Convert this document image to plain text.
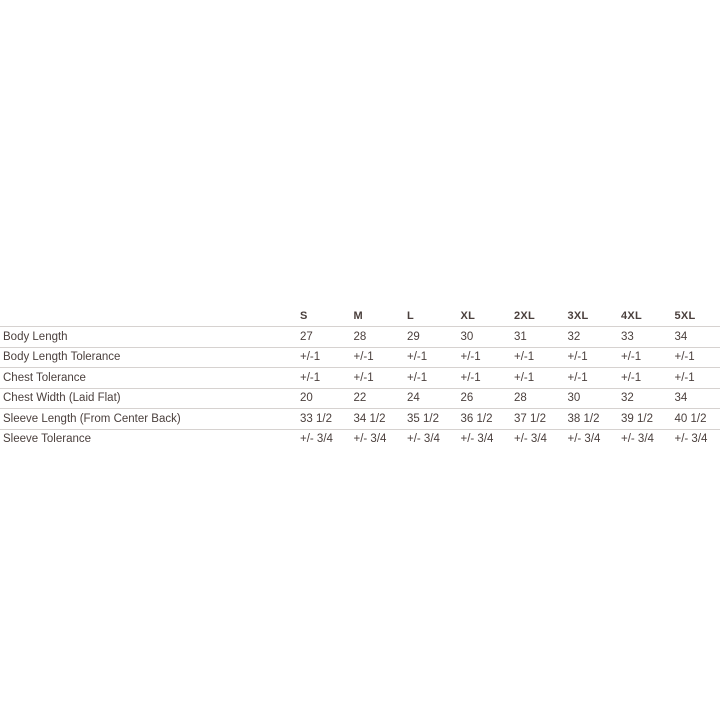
	S	M	L	XL	2XL	3XL	4XL	5XL
Body Length	27	28	29	30	31	32	33	34
Body Length Tolerance	+/-1	+/-1	+/-1	+/-1	+/-1	+/-1	+/-1	+/-1
Chest Tolerance	+/-1	+/-1	+/-1	+/-1	+/-1	+/-1	+/-1	+/-1
Chest Width (Laid Flat)	20	22	24	26	28	30	32	34
Sleeve Length (From Center Back)	33 1/2	34 1/2	35 1/2	36 1/2	37 1/2	38 1/2	39 1/2	40 1/2
Sleeve Tolerance	+/- 3/4	+/- 3/4	+/- 3/4	+/- 3/4	+/- 3/4	+/- 3/4	+/- 3/4	+/- 3/4
